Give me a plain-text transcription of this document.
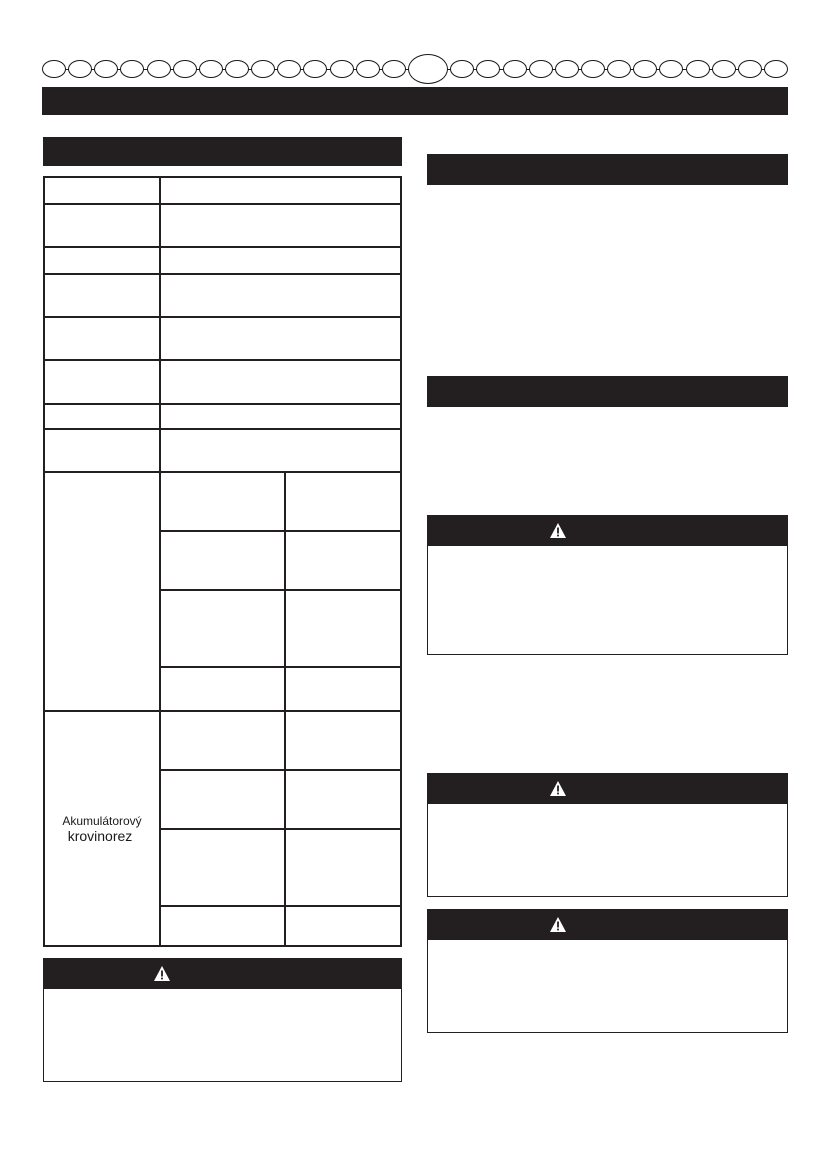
Akumulátorový
krovinorez
